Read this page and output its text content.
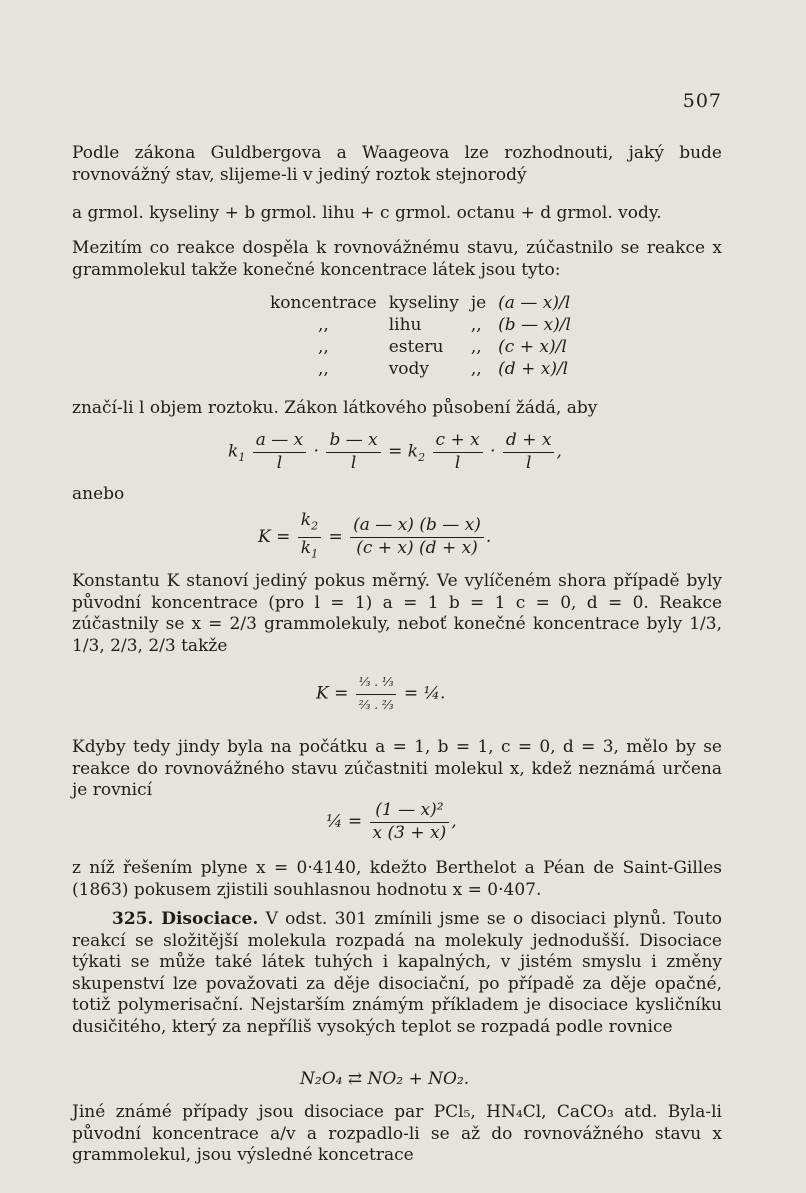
507
Podle zákona Guldbergova a Waageova lze rozhodnouti, jaký bude rovnovážný stav, slijeme-li v jediný roztok stejnorodý
a grmol. kyseliny + b grmol. lihu + c grmol. octanu + d grmol. vody.
Mezitím co reakce dospěla k rovnovážnému stavu, zúčastnilo se reakce x grammolekul takže konečné koncentrace látek jsou tyto:
koncentrace	kyseliny	je	(a — x)/l
,,	lihu	,,	(b — x)/l
,,	esteru	,,	(c + x)/l
,,	vody	,,	(d + x)/l
značí-li l objem roztoku. Zákon látkového působení žádá, aby
$k_1 \frac{a — x}{l} \cdot \frac{b — x}{l} = k_2 \frac{c + x}{l} \cdot \frac{d + x}{l}$ ,
anebo
$K = \frac{k_2}{k_1} = \frac{(a — x) (b — x)}{(c + x) (d + x)}$ .
Konstantu K stanoví jediný pokus měrný. Ve vylíčeném shora případě byly původní koncentrace (pro l = 1) a = 1 b = 1 c = 0, d = 0. Reakce zúčastnily se x = 2/3 grammolekuly, neboť konečné koncentrace byly 1/3, 1/3, 2/3, 2/3 takže
$K = \frac{\text{⅓ . ⅓}}{\text{⅔ . ⅔}}$ = ¼.
Kdyby tedy jindy byla na počátku a = 1, b = 1, c = 0, d = 3, mělo by se reakce do rovnovážného stavu zúčastniti molekul x, kdež neznámá určena je rovnicí
¼ = $\frac{\text{(1 — x)²}}{x (3 + x)}$ ,
z níž řešením plyne x = 0·4140, kdežto Berthelot a Péan de Saint-Gilles (1863) pokusem zjistili souhlasnou hodnotu x = 0·407.
325. Disociace. V odst. 301 zmínili jsme se o disociaci plynů. Touto reakcí se složitější molekula rozpadá na molekuly jednodušší. Disociace týkati se může také látek tuhých i kapalných, v jistém smyslu i změny skupenství lze považovati za děje disociační, po případě za děje opačné, totiž polymerisační. Nejstarším známým příkladem je disociace kysličníku dusičitého, který za nepříliš vysokých teplot se rozpadá podle rovnice
N₂O₄ ⇄ NO₂ + NO₂.
Jiné známé případy jsou disociace par PCl₅, HN₄Cl, CaCO₃ atd. Byla-li původní koncentrace a/v a rozpadlo-li se až do rovnovážného stavu x grammolekul, jsou výsledné koncetrace
